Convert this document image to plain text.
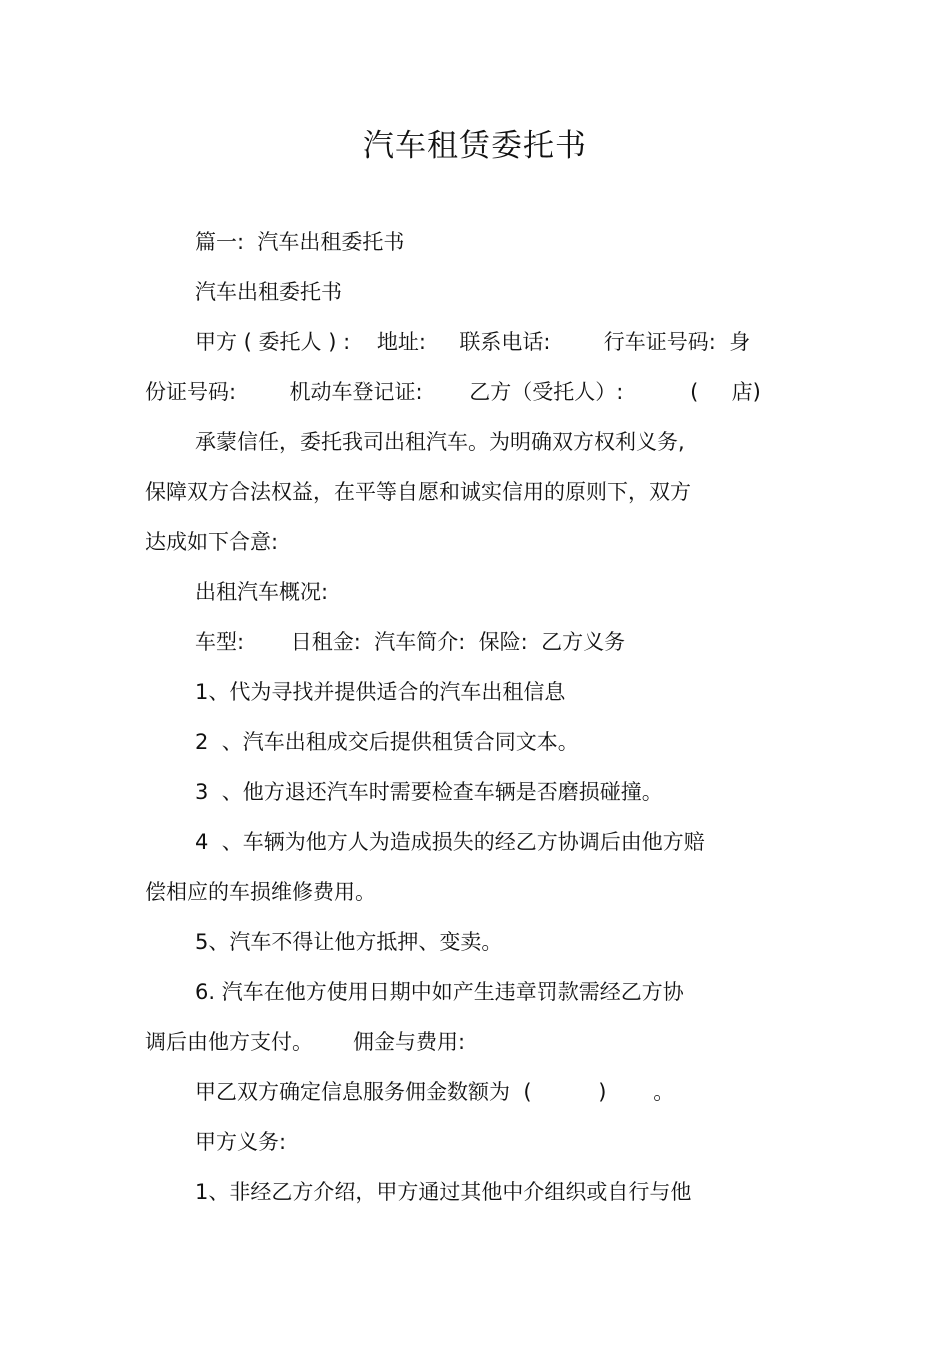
汽车租赁委托书
篇一:  汽车出租委托书
汽车出租委托书
甲方 ( 委托人 ) :    地址:     联系电话:        行车证号码:  身
份证号码:        机动车登记证:       乙方（受托人）:          (     店)
承蒙信任，委托我司出租汽车。为明确双方权利义务,
保障双方合法权益，在平等自愿和诚实信用的原则下，双方
达成如下合意:
出租汽车概况:
车型:       日租金:  汽车简介:  保险:  乙方义务
1、代为寻找并提供适合的汽车出租信息
2  、汽车出租成交后提供租赁合同文本。
3  、他方退还汽车时需要检查车辆是否磨损碰撞。
4  、车辆为他方人为造成损失的经乙方协调后由他方赔
偿相应的车损维修费用。
5、汽车不得让他方抵押、变卖。
6. 汽车在他方使用日期中如产生违章罚款需经乙方协
调后由他方支付。      佣金与费用:
甲乙双方确定信息服务佣金数额为  (          )       。
甲方义务:
1、非经乙方介绍，甲方通过其他中介组织或自行与他
